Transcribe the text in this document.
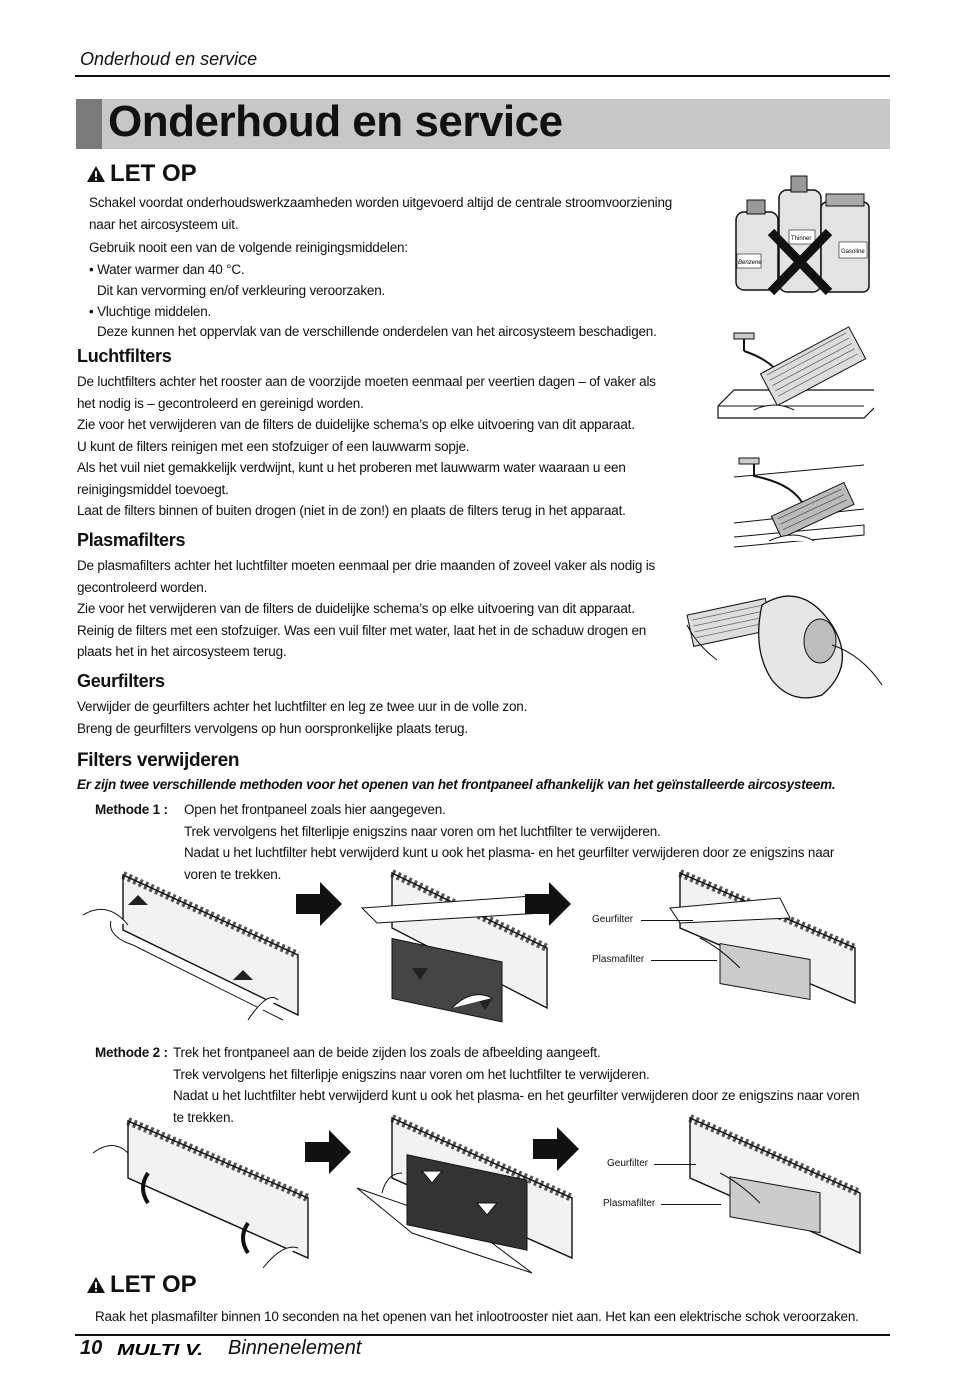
Onderhoud en service
Onderhoud en service
LET OP
Schakel voordat onderhoudswerkzaamheden worden uitgevoerd altijd de centrale stroomvoorziening naar het aircosysteem uit.
Gebruik nooit een van de volgende reinigingsmiddelen:
• Water warmer dan 40 °C.
Dit kan vervorming en/of verkleuring veroorzaken.
• Vluchtige middelen.
Deze kunnen het oppervlak van de verschillende onderdelen van het aircosysteem beschadigen.
Benzene
Thinner
Gasoline
Luchtfilters
De luchtfilters achter het rooster aan de voorzijde moeten eenmaal per veertien dagen – of vaker als
het nodig is – gecontroleerd en gereinigd worden.
Zie voor het verwijderen van de filters de duidelijke schema’s op elke uitvoering van dit apparaat.
U kunt de filters reinigen met een stofzuiger of een lauwwarm sopje.
Als het vuil niet gemakkelijk verdwijnt, kunt u het proberen met lauwwarm water waaraan u een
reinigingsmiddel toevoegt.
Laat de filters binnen of buiten drogen (niet in de zon!) en plaats de filters terug in het apparaat.
Plasmafilters
De plasmafilters achter het luchtfilter moeten eenmaal per drie maanden of zoveel vaker als nodig is
gecontroleerd worden.
Zie voor het verwijderen van de filters de duidelijke schema’s op elke uitvoering van dit apparaat.
Reinig de filters met een stofzuiger. Was een vuil filter met water, laat het in de schaduw drogen en
plaats het in het aircosysteem terug.
Geurfilters
Verwijder de geurfilters achter het luchtfilter en leg ze twee uur in de volle zon.
Breng de geurfilters vervolgens op hun oorspronkelijke plaats terug.
Filters verwijderen
Er zijn twee verschillende methoden voor het openen van het frontpaneel afhankelijk van het geïnstalleerde aircosysteem.
Methode 1 :	Open het frontpaneel zoals hier aangegeven.
Trek vervolgens het filterlipje enigszins naar voren om het luchtfilter te verwijderen.
Nadat u het luchtfilter hebt verwijderd kunt u ook het plasma- en het geurfilter verwijderen door ze enigszins naar
voren te trekken.
Geurfilter
Plasmafilter
Methode 2 : Trek het frontpaneel aan de beide zijden los zoals de afbeelding aangeeft.
Trek vervolgens het filterlipje enigszins naar voren om het luchtfilter te verwijderen.
Nadat u het luchtfilter hebt verwijderd kunt u ook het plasma- en het geurfilter verwijderen door ze enigszins naar voren
te trekken.
Geurfilter
Plasmafilter
LET OP
Raak het plasmafilter binnen 10 seconden na het openen van het inlootrooster niet aan. Het kan een elektrische schok veroorzaken.
10 MULTI V. Binnenelement
